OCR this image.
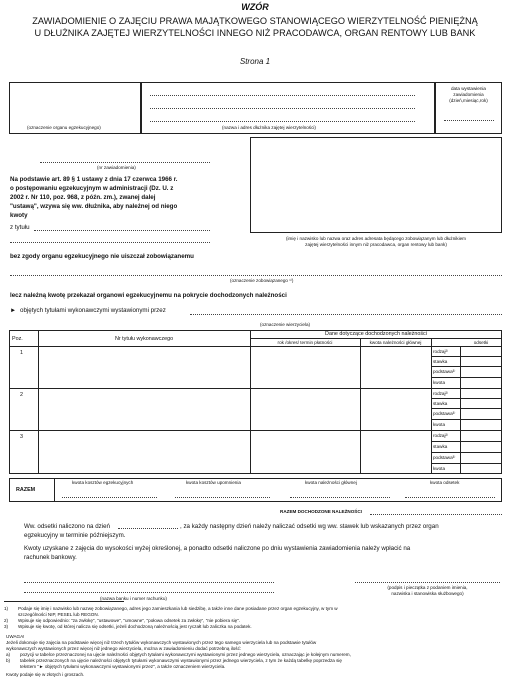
WZÓR
ZAWIADOMIENIE O ZAJĘCIU PRAWA MAJĄTKOWEGO STANOWIĄCEGO WIERZYTELNOŚĆ PIENIĘŻNĄ
U DŁUŻNIKA ZAJĘTEJ WIERZYTELNOŚCI INNEGO NIŻ PRACODAWCA, ORGAN RENTOWY LUB BANK
Strona 1
(oznaczenie organu egzekucyjnego)	(nazwa i adres dłużnika zajętej wierzytelności)
data wystawienia
zawiadomienia
(dzień,miesiąc,rok)
(nr zawiadomienia)
Na podstawie art. 89 § 1 ustawy z dnia 17 czerwca 1966 r.
o postępowaniu egzekucyjnym w administracji (Dz. U. z
2002 r. Nr 110, poz. 968, z późn. zm.), zwanej dalej
"ustawą", wzywa się ww. dłużnika, aby należnej od niego
kwoty
z tytułu
(imię i nazwisko lub nazwa oraz adres adresata będącego zobowiązanym lub dłużnikiem
zajętej wierzytelności innym niż pracodawca, organ rentowy lub bank)
bez zgody organu egzekucyjnego nie uiszczał zobowiązanemu
(oznaczenie zobowiązanego ¹⁾)
lecz należną kwotę przekazał organowi egzekucyjnemu na pokrycie dochodzonych należności
► objętych tytułami wykonawczymi wystawionymi przez
(oznaczenie wierzyciela)
Poz.	Nr tytułu wykonawczego
Dane dotyczące dochodzonych należności
rok /okres/ termin płatności	kwota należności głównej	odsetki
1	rodzaj²⁾
stawka
podstawa³⁾
kwota
2	rodzaj²⁾
stawka
podstawa³⁾
kwota
3	rodzaj²⁾
stawka
podstawa³⁾
kwota
RAZEM
kwota kosztów egzekucyjnych	kwota kosztów upomnienia	kwota należności głównej	kwota odsetek
RAZEM DOCHODZONE NALEŻNOŚCI
Ww. odsetki naliczono na dzień	, za każdy następny dzień należy naliczać odsetki wg ww. stawek lub wskazanych przez organ
egzekucyjny w terminie późniejszym.
Kwoty uzyskane z zajęcia do wysokości wyżej określonej, a ponadto odsetki naliczone po dniu wystawienia zawiadomienia należy wpłacić na
rachunek bankowy.
(nazwa banku i numer rachunku)
(podpis i pieczątka z podaniem imienia,
nazwiska i stanowiska służbowego)
1) Podaje się imię i nazwisko lub nazwę zobowiązanego, adres jego zamieszkania lub siedzibę, a także inne dane posiadane przez organ egzekucyjny, w tym w
szczególności NIP, PESEL lub REGON.
2) Wpisuje się odpowiednio: "za zwłokę", "ustawowe", "umowne", "połowa odsetek za zwłokę", "nie pobiera się".
3) Wpisuje się kwotę, od której nalicza się odsetki, jeżeli dochodzoną należnością jest ryczałt lub zaliczka na podatek.
UWAGA!
Jeżeli dokonuje się zajęcia na podstawie więcej niż trzech tytułów wykonawczych wystawionych przez tego samego wierzyciela lub na podstawie tytułów
wykonawczych wystawionych przez więcej niż jednego wierzyciela, można w zawiadomieniu dodać potrzebną ilość:
a) pozycji w tabelce przeznaczonej na ujęcie należności objętych tytułami wykonawczymi wystawionymi przez jednego wierzyciela, oznaczając je kolejnym numerem,
b) tabelek przeznaczonych na ujęcie należności objętych tytułami wykonawczymi wystawionymi przez jednego wierzyciela, z tym że każdą tabelkę poprzedza się
tekstem "► objętych tytułami wykonawczymi wystawionymi przez", a także oznaczeniem wierzyciela.
Kwoty podaje się w złotych i groszach.
